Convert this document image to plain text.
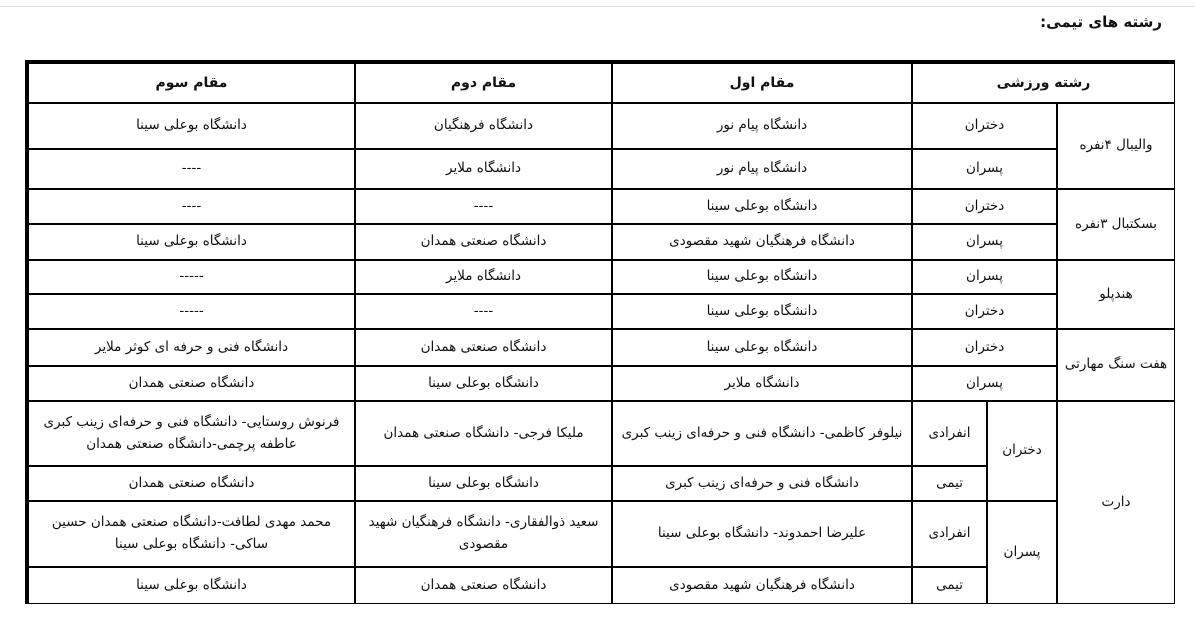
رشته های تیمی:
رشته ورزشی
مقام اول
مقام دوم
مقام سوم
والیبال ۴نفره
بسکتبال ۳نفره
هندپلو
هفت سنگ مهارتی
دارت
دختران
پسران
دختران
دانشگاه پیام نور
دانشگاه فرهنگیان
دانشگاه بوعلی سینا
پسران
دانشگاه پیام نور
دانشگاه ملایر
----
دختران
دانشگاه بوعلی سینا
----
----
پسران
دانشگاه فرهنگیان شهید مقصودی
دانشگاه صنعتی همدان
دانشگاه بوعلی سینا
پسران
دانشگاه بوعلی سینا
دانشگاه ملایر
-----
دختران
دانشگاه بوعلی سینا
----
-----
دختران
دانشگاه بوعلی سینا
دانشگاه صنعتی همدان
دانشگاه فنی و حرفه ای کوثر ملایر
پسران
دانشگاه ملایر
دانشگاه بوعلی سینا
دانشگاه صنعتی همدان
نیلوفر کاظمی- دانشگاه فنی و حرفه‌ای زینب کبری
ملیکا فرجی- دانشگاه صنعتی همدان
فرنوش روستایی- دانشگاه فنی و حرفه‌ای زینب کبری عاطفه پرچمی-دانشگاه صنعتی همدان
دانشگاه فنی و حرفه‌ای زینب کبری
دانشگاه بوعلی سینا
دانشگاه صنعتی همدان
علیرضا احمدوند- دانشگاه بوعلی سینا
سعید ذوالفقاری- دانشگاه فرهنگیان شهید مقصودی
محمد مهدی لطافت-دانشگاه صنعتی همدان حسین ساکی- دانشگاه بوعلی سینا
دانشگاه فرهنگیان شهید مقصودی
دانشگاه صنعتی همدان
دانشگاه بوعلی سینا
انفرادی
تیمی
انفرادی
تیمی
